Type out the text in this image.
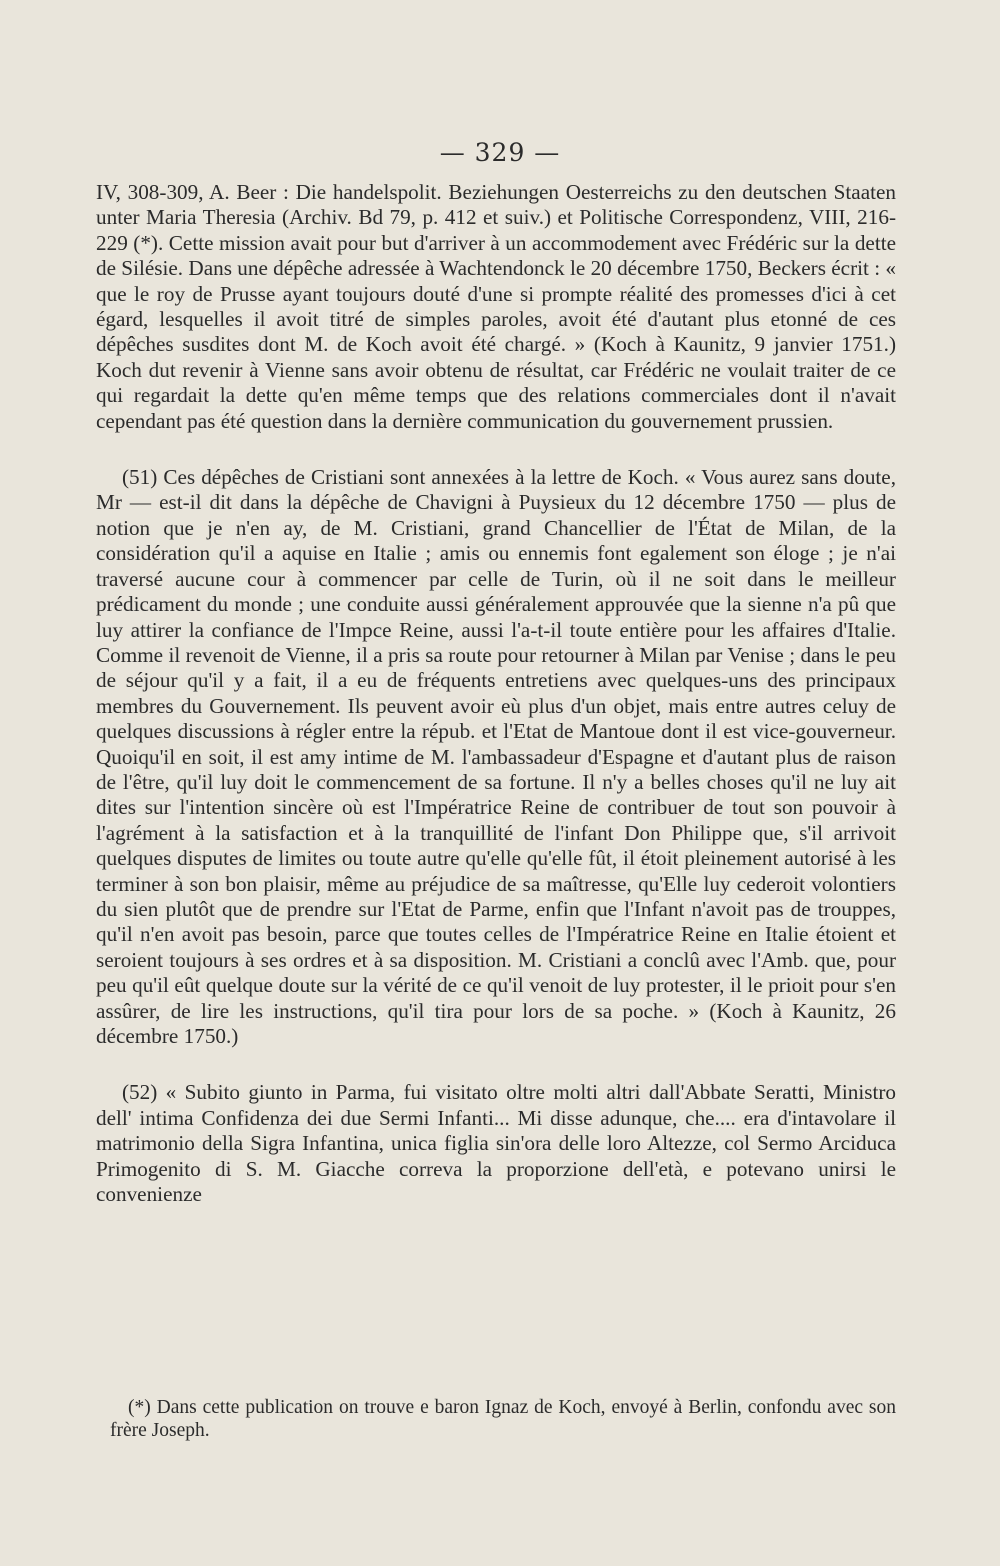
— 329 —

IV, 308-309, A. Beer : Die handelspolit. Beziehungen Oesterreichs zu den deutschen Staaten unter Maria Theresia (Archiv. Bd 79, p. 412 et suiv.) et Politische Correspondenz, VIII, 216-229 (*). Cette mission avait pour but d'arriver à un accommodement avec Frédéric sur la dette de Silésie. Dans une dépêche adressée à Wachtendonck le 20 décembre 1750, Beckers écrit : « que le roy de Prusse ayant toujours douté d'une si prompte réalité des promesses d'ici à cet égard, lesquelles il avoit titré de simples paroles, avoit été d'autant plus etonné de ces dépêches susdites dont M. de Koch avoit été chargé. » (Koch à Kaunitz, 9 janvier 1751.) Koch dut revenir à Vienne sans avoir obtenu de résultat, car Frédéric ne voulait traiter de ce qui regardait la dette qu'en même temps que des relations commerciales dont il n'avait cependant pas été question dans la dernière communication du gouvernement prussien.

(51) Ces dépêches de Cristiani sont annexées à la lettre de Koch. « Vous aurez sans doute, Mr — est-il dit dans la dépêche de Chavigni à Puysieux du 12 décembre 1750 — plus de notion que je n'en ay, de M. Cristiani, grand Chancellier de l'État de Milan, de la considération qu'il a aquise en Italie ; amis ou ennemis font egalement son éloge ; je n'ai traversé aucune cour à commencer par celle de Turin, où il ne soit dans le meilleur prédicament du monde ; une conduite aussi généralement approuvée que la sienne n'a pû que luy attirer la confiance de l'Impce Reine, aussi l'a-t-il toute entière pour les affaires d'Italie. Comme il revenoit de Vienne, il a pris sa route pour retourner à Milan par Venise ; dans le peu de séjour qu'il y a fait, il a eu de fréquents entretiens avec quelques-uns des principaux membres du Gouvernement. Ils peuvent avoir eù plus d'un objet, mais entre autres celuy de quelques discussions à régler entre la répub. et l'Etat de Mantoue dont il est vice-gouverneur. Quoiqu'il en soit, il est amy intime de M. l'ambassadeur d'Espagne et d'autant plus de raison de l'être, qu'il luy doit le commencement de sa fortune. Il n'y a belles choses qu'il ne luy ait dites sur l'intention sincère où est l'Impératrice Reine de contribuer de tout son pouvoir à l'agrément à la satisfaction et à la tranquillité de l'infant Don Philippe que, s'il arrivoit quelques disputes de limites ou toute autre qu'elle qu'elle fût, il étoit pleinement autorisé à les terminer à son bon plaisir, même au préjudice de sa maîtresse, qu'Elle luy cederoit volontiers du sien plutôt que de prendre sur l'Etat de Parme, enfin que l'Infant n'avoit pas de trouppes, qu'il n'en avoit pas besoin, parce que toutes celles de l'Impératrice Reine en Italie étoient et seroient toujours à ses ordres et à sa disposition. M. Cristiani a conclû avec l'Amb. que, pour peu qu'il eût quelque doute sur la vérité de ce qu'il venoit de luy protester, il le prioit pour s'en assûrer, de lire les instructions, qu'il tira pour lors de sa poche. » (Koch à Kaunitz, 26 décembre 1750.)

(52) « Subito giunto in Parma, fui visitato oltre molti altri dall'Abbate Seratti, Ministro dell' intima Confidenza dei due Sermi Infanti... Mi disse adunque, che.... era d'intavolare il matrimonio della Sigra Infantina, unica figlia sin'ora delle loro Altezze, col Sermo Arciduca Primogenito di S. M. Giacche correva la proporzione dell'età, e potevano unirsi le convenienze

(*) Dans cette publication on trouve e baron Ignaz de Koch, envoyé à Berlin, confondu avec son frère Joseph.
